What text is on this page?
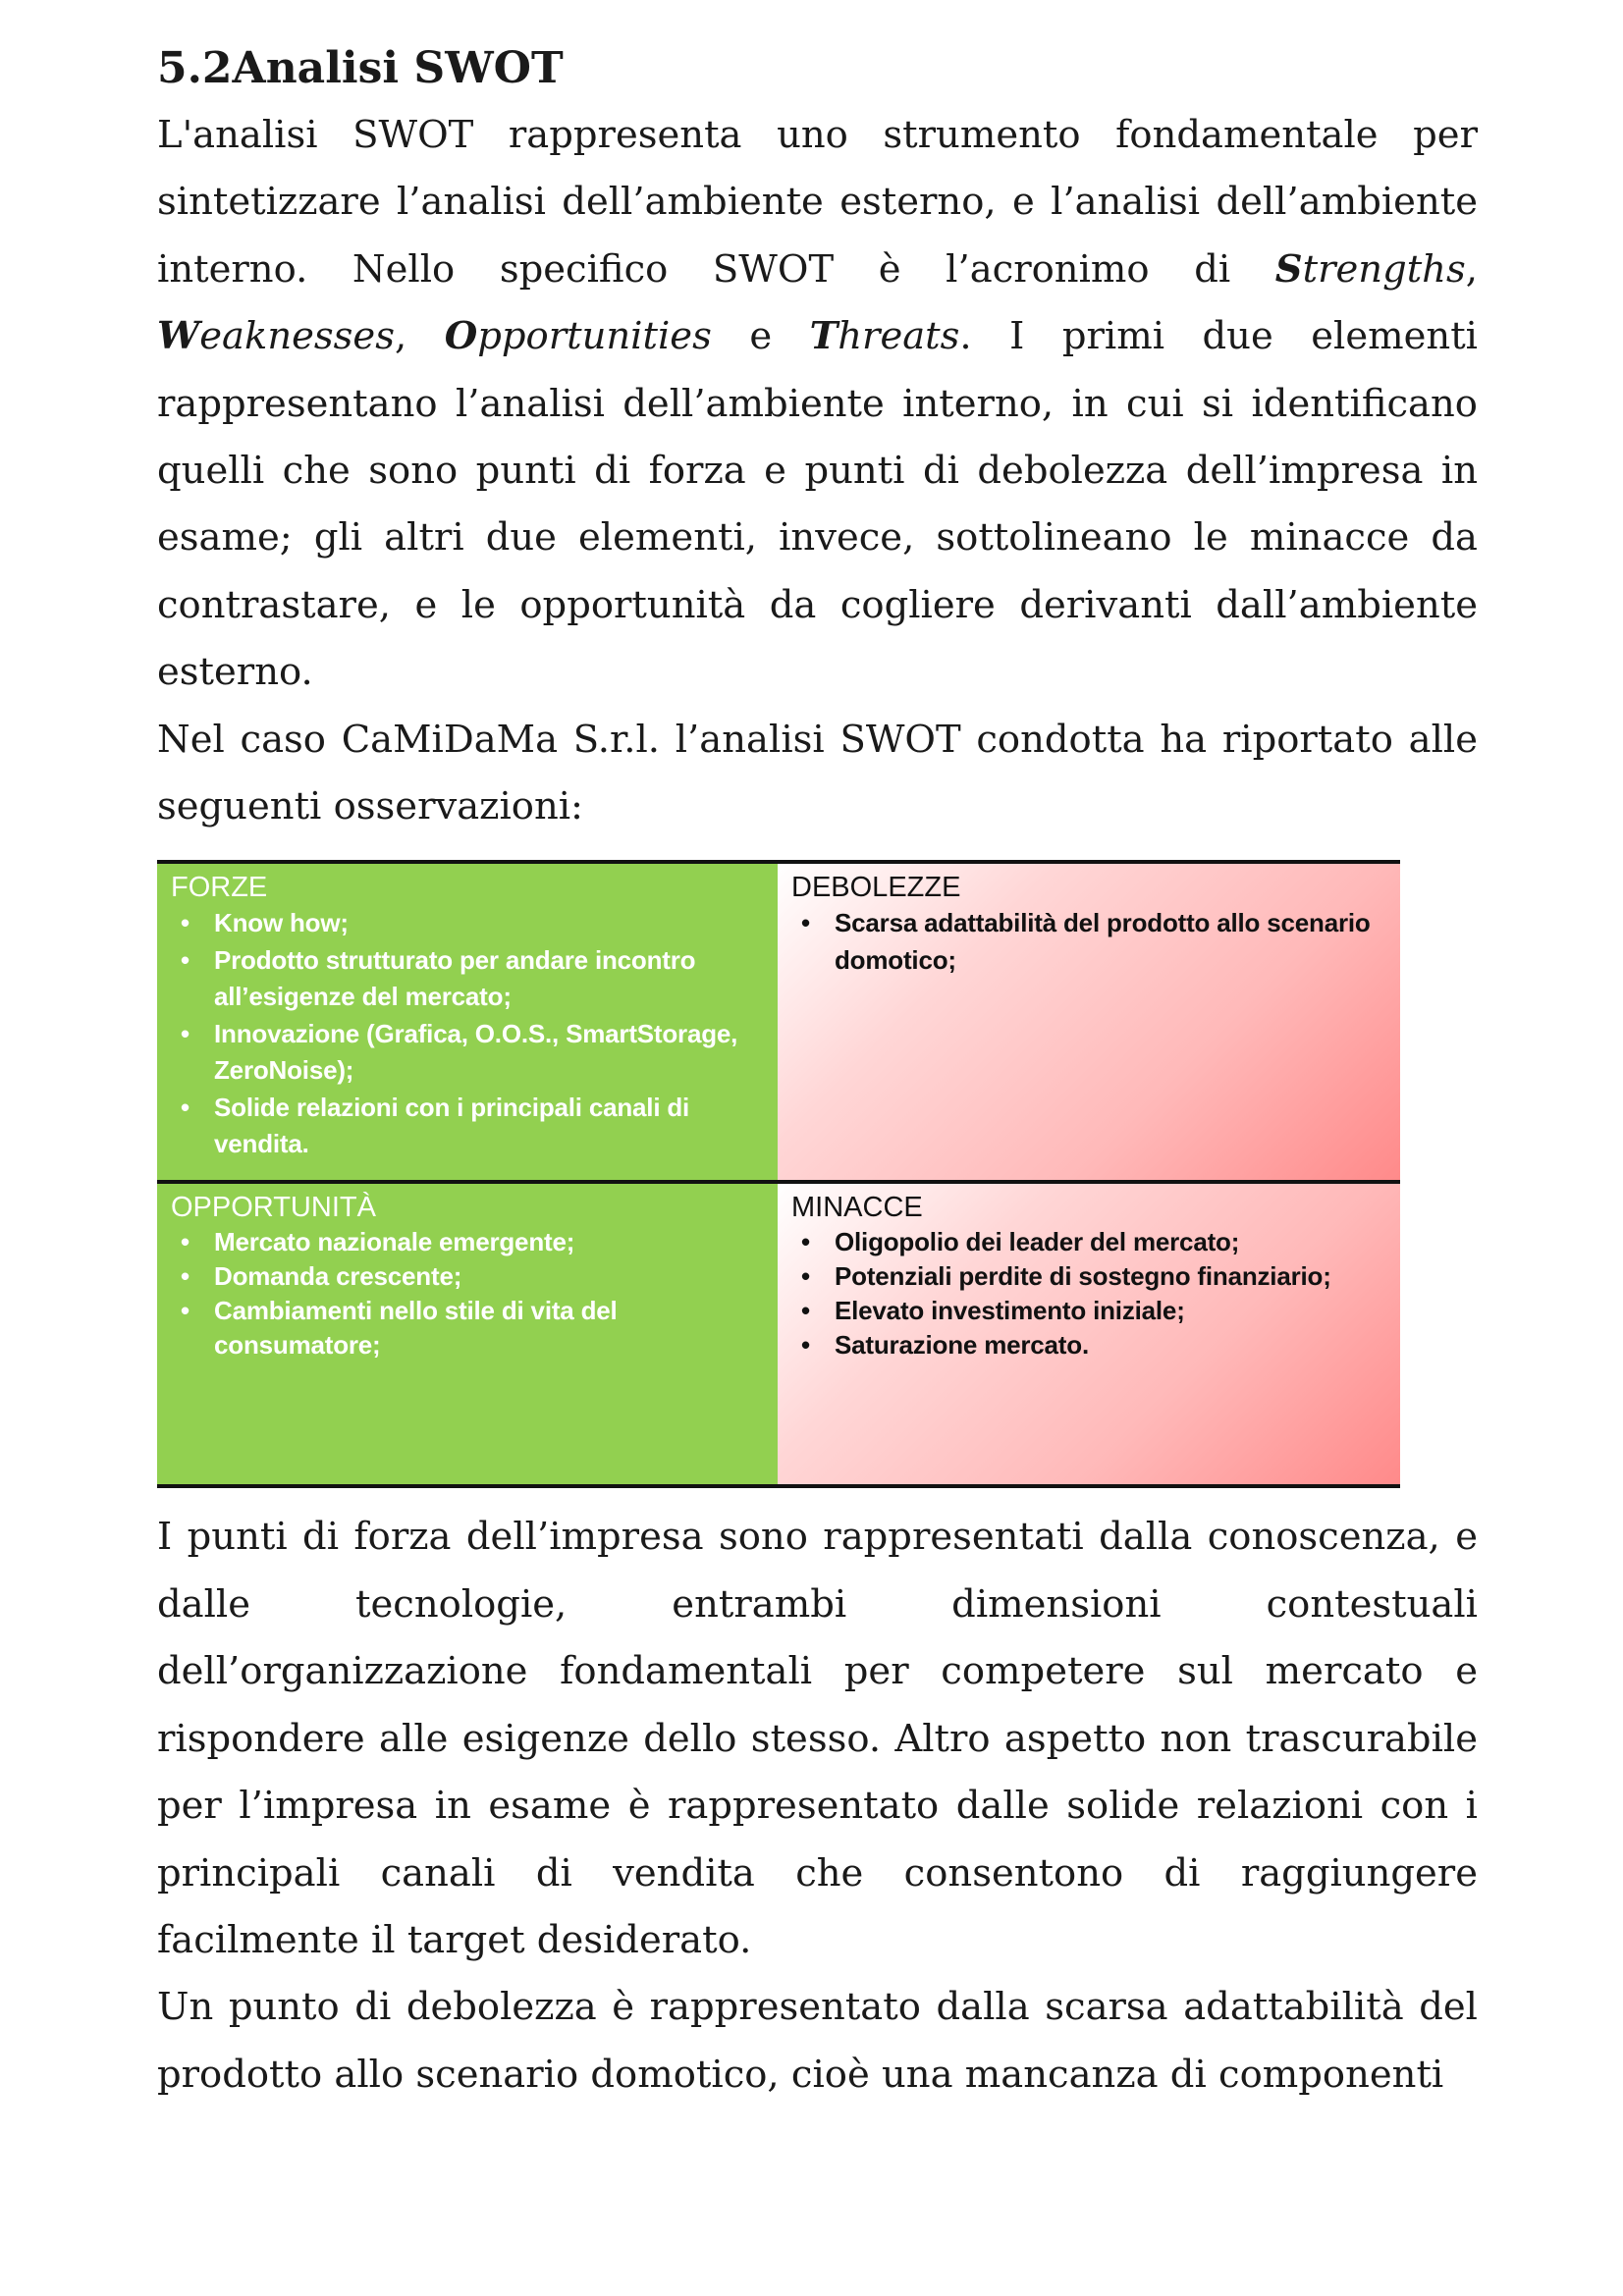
5.2Analisi SWOT

L'analisi SWOT rappresenta uno strumento fondamentale per sintetizzare l’analisi dell’ambiente esterno, e l’analisi dell’ambiente interno. Nello specifico SWOT è l’acronimo di Strengths, Weaknesses, Opportunities e Threats. I primi due elementi rappresentano l’analisi dell’ambiente interno, in cui si identificano quelli che sono punti di forza e punti di debolezza dell’impresa in esame; gli altri due elementi, invece, sottolineano le minacce da contrastare, e le opportunità da cogliere derivanti dall’ambiente esterno.

Nel caso CaMiDaMa S.r.l. l’analisi SWOT condotta ha riportato alle seguenti osservazioni:

FORZE
• Know how;
• Prodotto strutturato per andare incontro all’esigenze del mercato;
• Innovazione (Grafica, O.O.S., SmartStorage, ZeroNoise);
• Solide relazioni con i principali canali di vendita.
DEBOLEZZE
• Scarsa adattabilità del prodotto allo scenario domotico;
OPPORTUNITÀ
• Mercato nazionale emergente;
• Domanda crescente;
• Cambiamenti nello stile di vita del consumatore;
MINACCE
• Oligopolio dei leader del mercato;
• Potenziali perdite di sostegno finanziario;
• Elevato investimento iniziale;
• Saturazione mercato.

I punti di forza dell’impresa sono rappresentati dalla conoscenza, e dalle tecnologie, entrambi dimensioni contestuali dell’organizzazione fondamentali per competere sul mercato e rispondere alle esigenze dello stesso. Altro aspetto non trascurabile per l’impresa in esame è rappresentato dalle solide relazioni con i principali canali di vendita che consentono di raggiungere facilmente il target desiderato.

Un punto di debolezza è rappresentato dalla scarsa adattabilità del prodotto allo scenario domotico, cioè una mancanza di componenti
